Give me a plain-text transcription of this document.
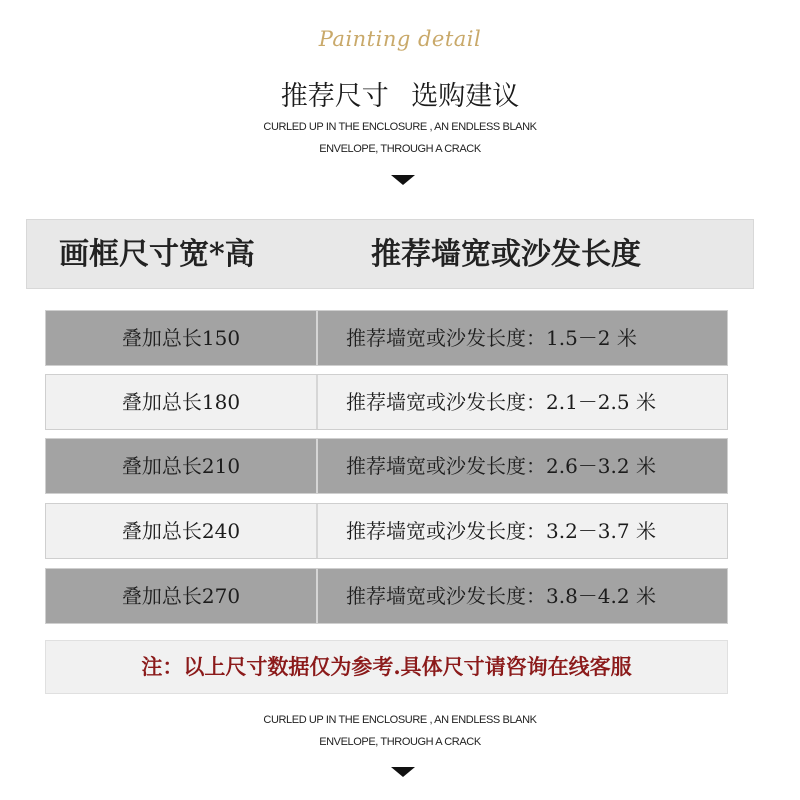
Painting detail
推荐尺寸 选购建议
CURLED UP IN THE ENCLOSURE , AN ENDLESS BLANK
ENVELOPE, THROUGH A CRACK
画框尺寸宽*高	推荐墙宽或沙发长度
叠加总长150	推荐墙宽或沙发长度：1.5－2 米
叠加总长180	推荐墙宽或沙发长度：2.1－2.5 米
叠加总长210	推荐墙宽或沙发长度：2.6－3.2 米
叠加总长240	推荐墙宽或沙发长度：3.2－3.7 米
叠加总长270	推荐墙宽或沙发长度：3.8－4.2 米
注：以上尺寸数据仅为参考.具体尺寸请咨询在线客服
CURLED UP IN THE ENCLOSURE , AN ENDLESS BLANK
ENVELOPE, THROUGH A CRACK
